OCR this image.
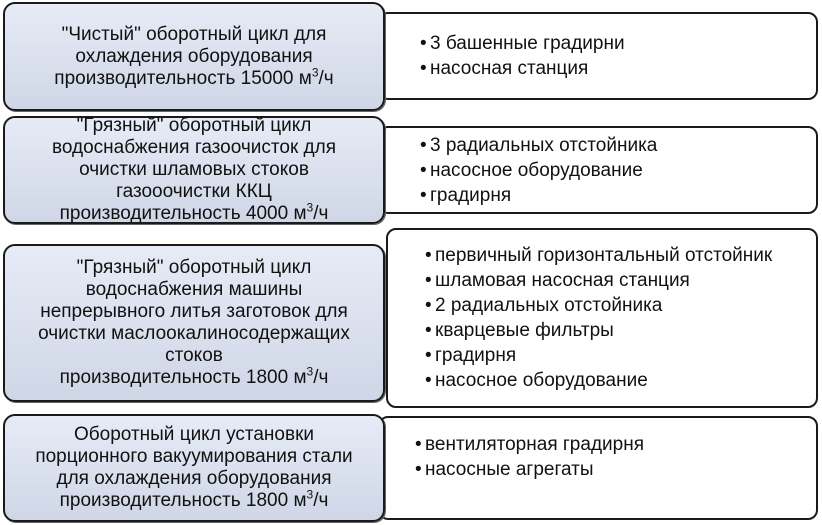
"Чистый" оборотный цикл для
охлаждения оборудования
производительность 15000 $м^3/ч$
• 3 башенные градирни
• насосная станция
"Грязный" оборотный цикл
водоснабжения газоочисток для
очистки шламовых стоков
газооочистки ККЦ
производительность 4000 $м^3/ч$
• 3 радиальных отстойника
• насосное оборудование
• градирня
"Грязный" оборотный цикл
водоснабжения машины
непрерывного литья заготовок для
очистки маслоокалиносодержащих
стоков
производительность 1800 $м^3/ч$
• первичный горизонтальный отстойник
• шламовая насосная станция
• 2 радиальных отстойника
• кварцевые фильтры
• градирня
• насосное оборудование
Оборотный цикл установки
порционного вакуумирования стали
для охлаждения оборудования
производительность 1800 $м^3/ч$
• вентиляторная градирня
• насосные агрегаты
